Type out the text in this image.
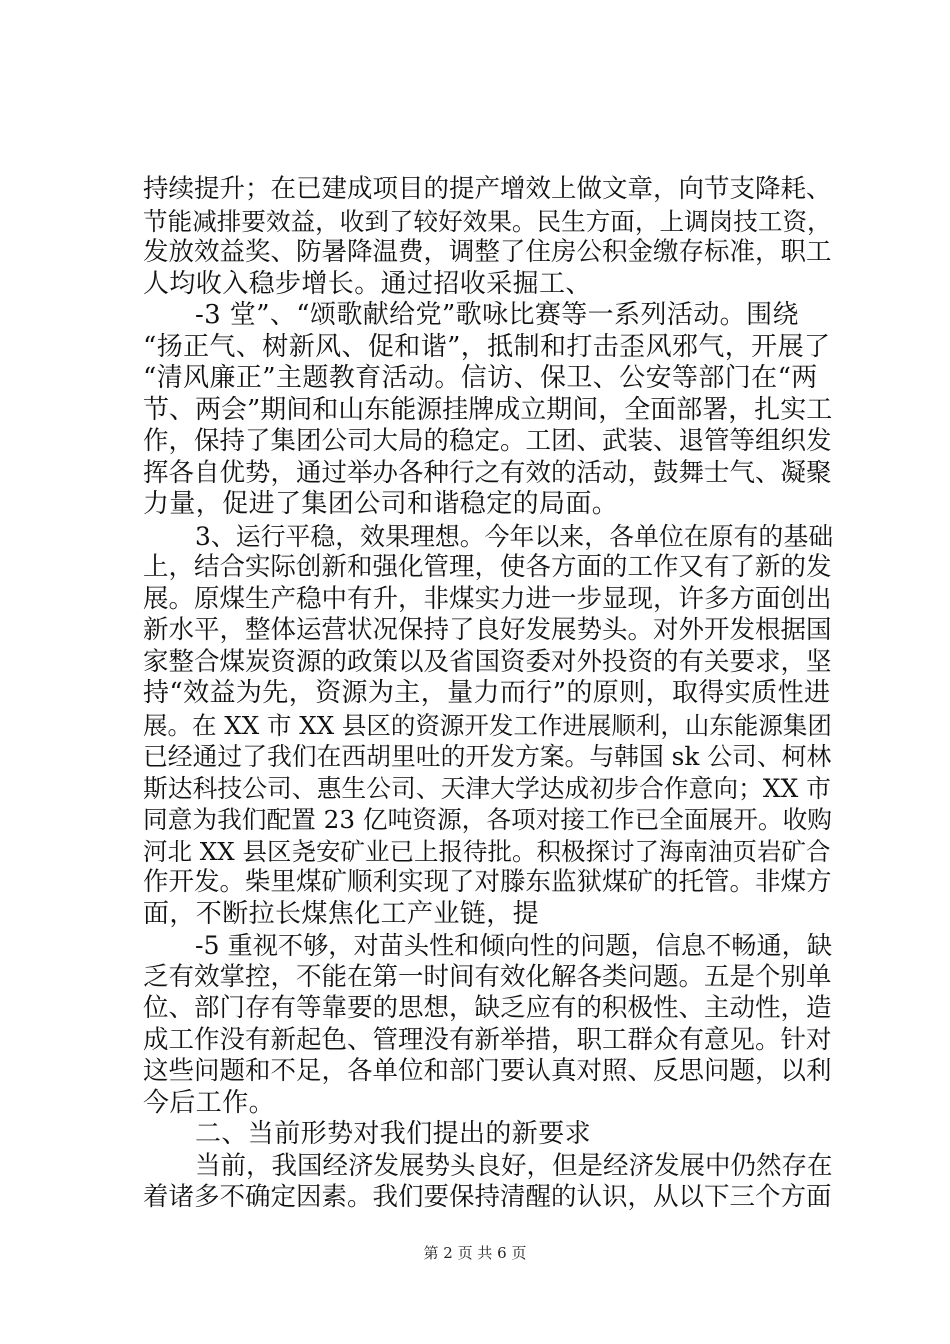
持续提升；在已建成项目的提产增效上做文章，向节支降耗、
节能减排要效益，收到了较好效果。民生方面，上调岗技工资，
发放效益奖、防暑降温费，调整了住房公积金缴存标准，职工
人均收入稳步增长。通过招收采掘工、
-3 堂”、“颂歌献给党”歌咏比赛等一系列活动。围绕
“扬正气、树新风、促和谐”，抵制和打击歪风邪气，开展了
“清风廉正”主题教育活动。信访、保卫、公安等部门在“两
节、两会”期间和山东能源挂牌成立期间，全面部署，扎实工
作，保持了集团公司大局的稳定。工团、武装、退管等组织发
挥各自优势，通过举办各种行之有效的活动，鼓舞士气、凝聚
力量，促进了集团公司和谐稳定的局面。
3、运行平稳，效果理想。今年以来，各单位在原有的基础
上，结合实际创新和强化管理，使各方面的工作又有了新的发
展。原煤生产稳中有升，非煤实力进一步显现，许多方面创出
新水平，整体运营状况保持了良好发展势头。对外开发根据国
家整合煤炭资源的政策以及省国资委对外投资的有关要求，坚
持“效益为先，资源为主，量力而行”的原则，取得实质性进
展。在 XX 市 XX 县区的资源开发工作进展顺利，山东能源集团
已经通过了我们在西胡里吐的开发方案。与韩国 sk 公司、柯林
斯达科技公司、惠生公司、天津大学达成初步合作意向；XX 市
同意为我们配置 23 亿吨资源，各项对接工作已全面展开。收购
河北 XX 县区尧安矿业已上报待批。积极探讨了海南油页岩矿合
作开发。柴里煤矿顺利实现了对滕东监狱煤矿的托管。非煤方
面，不断拉长煤焦化工产业链，提
-5 重视不够，对苗头性和倾向性的问题，信息不畅通，缺
乏有效掌控，不能在第一时间有效化解各类问题。五是个别单
位、部门存有等靠要的思想，缺乏应有的积极性、主动性，造
成工作没有新起色、管理没有新举措，职工群众有意见。针对
这些问题和不足，各单位和部门要认真对照、反思问题，以利
今后工作。
二、当前形势对我们提出的新要求
当前，我国经济发展势头良好，但是经济发展中仍然存在
着诸多不确定因素。我们要保持清醒的认识，从以下三个方面
第 2 页 共 6 页
